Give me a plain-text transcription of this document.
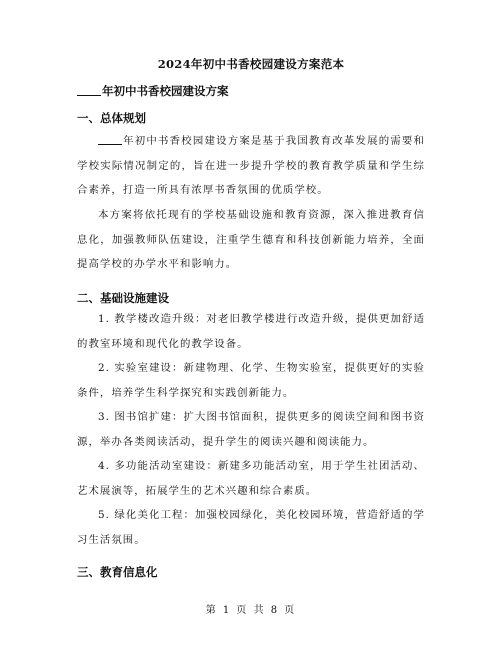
2024年初中书香校园建设方案范本
年初中书香校园建设方案
一、总体规划

年初中书香校园建设方案是基于我国教育改革发展的需要和学校实际情况制定的，旨在进一步提升学校的教育教学质量和学生综合素养，打造一所具有浓厚书香氛围的优质学校。

本方案将依托现有的学校基础设施和教育资源，深入推进教育信息化，加强教师队伍建设，注重学生德育和科技创新能力培养，全面提高学校的办学水平和影响力。

二、基础设施建设

1. 教学楼改造升级：对老旧教学楼进行改造升级，提供更加舒适的教室环境和现代化的教学设备。

2. 实验室建设：新建物理、化学、生物实验室，提供更好的实验条件，培养学生科学探究和实践创新能力。

3. 图书馆扩建：扩大图书馆面积，提供更多的阅读空间和图书资源，举办各类阅读活动，提升学生的阅读兴趣和阅读能力。

4. 多功能活动室建设：新建多功能活动室，用于学生社团活动、艺术展演等，拓展学生的艺术兴趣和综合素质。

5. 绿化美化工程：加强校园绿化，美化校园环境，营造舒适的学习生活氛围。

三、教育信息化
第 1 页 共 8 页
